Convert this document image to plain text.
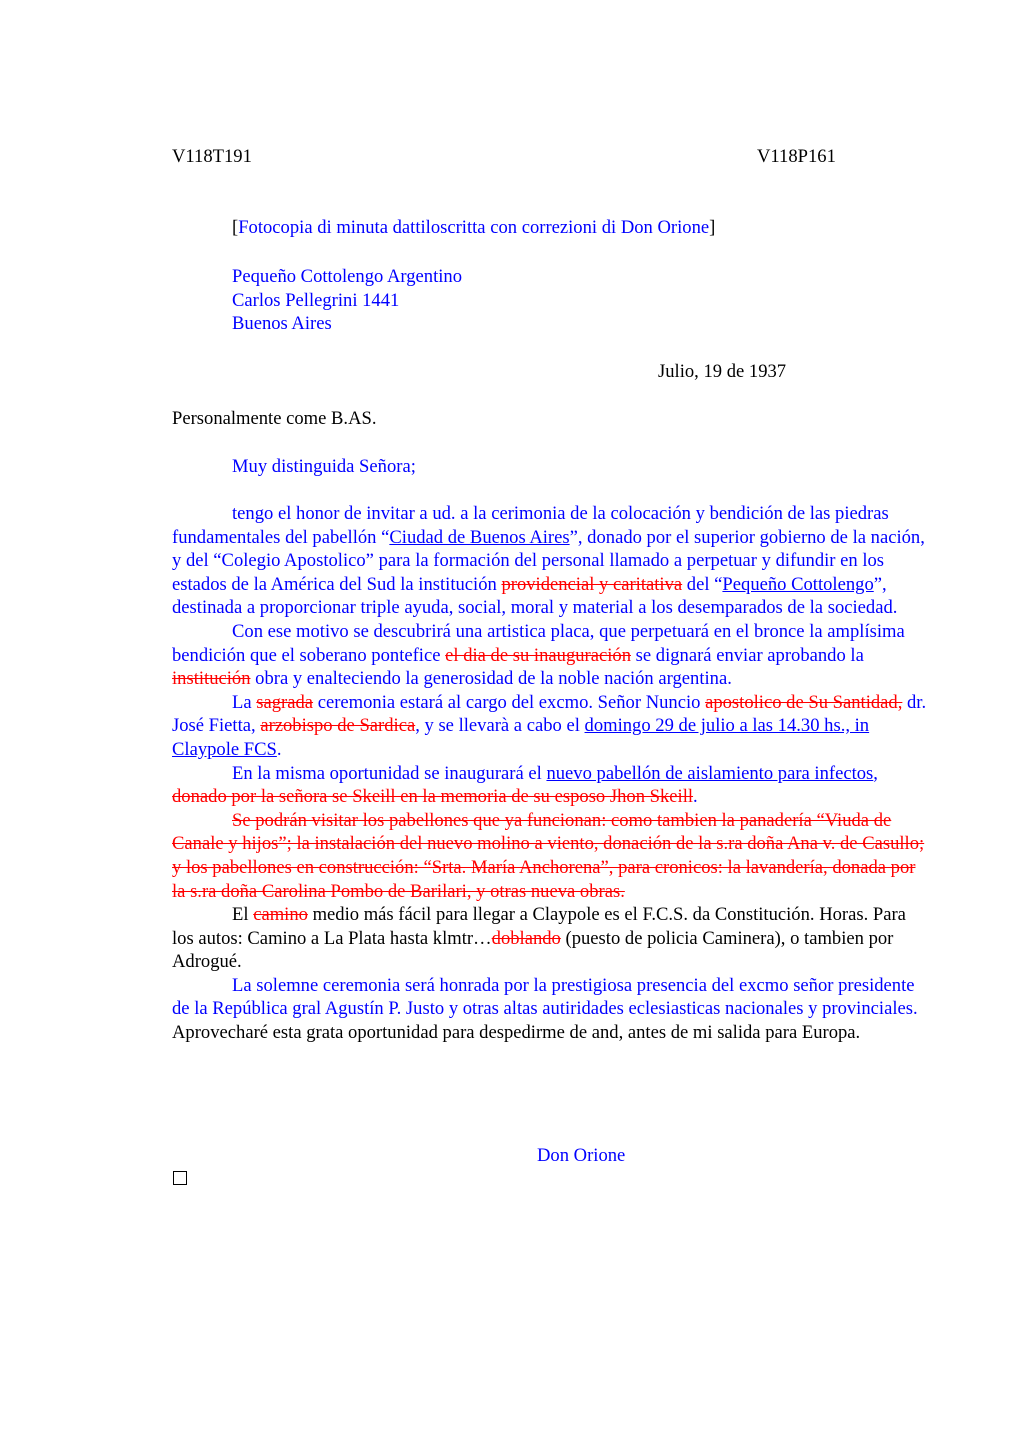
V118T191	V118P161
[Fotocopia di minuta dattiloscritta con correzioni di Don Orione]
Pequeño Cottolengo Argentino
Carlos Pellegrini 1441
Buenos Aires
Julio, 19 de 1937
Personalmente come B.AS.
Muy distinguida Señora;

tengo el honor de invitar a ud. a la cerimonia de la colocación y bendición de las piedras fundamentales del pabellón “Ciudad de Buenos Aires”, donado por el superior gobierno de la nación, y del “Colegio Apostolico” para la formación del personal llamado a perpetuar y difundir en los estados de la América del Sud la institución providencial y caritativa del “Pequeño Cottolengo”, destinada a proporcionar triple ayuda, social, moral y material a los desemparados de la sociedad.

Con ese motivo se descubrirá una artistica placa, que perpetuará en el bronce la amplísima bendición que el soberano pontefice el dia de su inauguración se dignará enviar aprobando la institución obra y enalteciendo la generosidad de la noble nación argentina.

La sagrada ceremonia estará al cargo del excmo. Señor Nuncio apostolico de Su Santidad, dr. José Fietta, arzobispo de Sardica, y se llevarà a cabo el domingo 29 de julio a las 14.30 hs., in Claypole FCS.

En la misma oportunidad se inaugurará el nuevo pabellón de aislamiento para infectos, donado por la señora se Skeill en la memoria de su esposo Jhon Skeill.

Se podrán visitar los pabellones que ya funcionan: como tambien la panadería “Viuda de Canale y hijos”; la instalación del nuevo molino a viento, donación de la s.ra doña Ana v. de Casullo; y los pabellones en construcción: “Srta. María Anchorena”, para cronicos: la lavandería, donada por la s.ra doña Carolina Pombo de Barilari, y otras nueva obras.

El camino medio más fácil para llegar a Claypole es el F.C.S. da Constitución. Horas. Para los autos: Camino a La Plata hasta klmtr…doblando (puesto de policia Caminera), o tambien por Adrogué.

La solemne ceremonia será honrada por la prestigiosa presencia del excmo señor presidente de la República gral Agustín P. Justo y otras altas autiridades eclesiasticas nacionales y provinciales. Aprovecharé esta grata oportunidad para despedirme de and, antes de mi salida para Europa.

Don Orione
